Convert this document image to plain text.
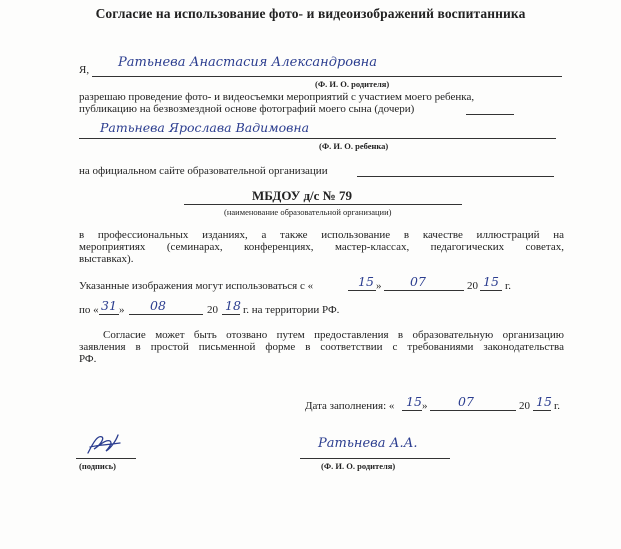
Согласие на использование фото- и видеоизображений воспитанника
Я, Ратьнева Анастасия Александровна
(Ф. И. О. родителя)
разрешаю проведение фото- и видеосъемки мероприятий с участием моего ребенка,
публикацию на безвозмездной основе фотографий моего сына (дочери)
Ратьнева Ярослава Вадимовна
(Ф. И. О. ребенка)
на официальном сайте образовательной организации
МБДОУ д/с № 79
(наименование образовательной организации)
в профессиональных изданиях, а также использование в качестве иллюстраций на
мероприятиях (семинарах, конференциях, мастер-классах, педагогических советах,
выставках).
Указанные изображения могут использоваться с «	15 » 07	20 15 г.
по « 31 » 08	20 18 г. на территории РФ.
Согласие может быть отозвано путем предоставления в образовательную организацию
заявления в простой письменной форме в соответствии с требованиями законодательства
РФ.
Дата заполнения: « 15 » 07	20 15 г.
(подпись)
Ратьнева А.А.
(Ф. И. О. родителя)
